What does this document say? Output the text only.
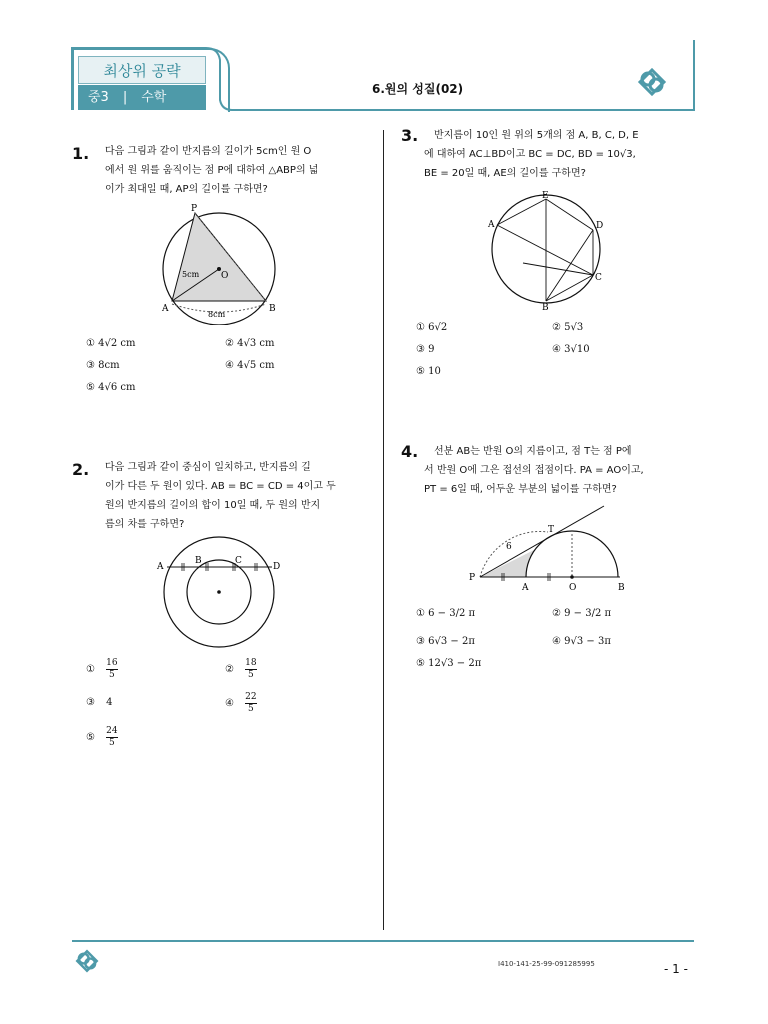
최상위 공략
중3 | 수학
6.원의 성질(02)
1. 다음 그림과 같이 반지름의 길이가 5cm인 원 O
에서 원 위를 움직이는 점 P에 대하여 △ABP의 넓
이가 최대일 때, AP의 길이를 구하면?
P
A	B
O
5cm
8cm
① 4√2 cm	② 4√3 cm
③ 8cm	④ 4√5 cm
⑤ 4√6 cm
2. 다음 그림과 같이 중심이 일치하고, 반지름의 길
이가 다른 두 원이 있다. AB = BC = CD = 4이고 두
원의 반지름의 길이의 합이 10일 때, 두 원의 반지
름의 차를 구하면?
A
B	C
D
① $\frac{16}{5}$	② $\frac{18}{5}$
③ 4	④ $\frac{22}{5}$
⑤ $\frac{24}{5}$
3. 반지름이 10인 원 위의 5개의 점 A, B, C, D, E
에 대하여 AC⊥BD이고 BC = DC, BD = 10√3,
BE = 20일 때, AE의 길이를 구하면?
E
A	D
C
B
① 6√2	② 5√3
③ 9	④ 3√10
⑤ 10
4. 선분 AB는 반원 O의 지름이고, 점 T는 점 P에
서 반원 O에 그은 접선의 접점이다. PA = AO이고,
PT = 6일 때, 어두운 부분의 넓이를 구하면?
P
A	O	B
T
6
① 6 − 3/2 π	② 9 − 3/2 π
③ 6√3 − 2π	④ 9√3 − 3π
⑤ 12√3 − 2π
I410-141-25-99-091285995	- 1 -
